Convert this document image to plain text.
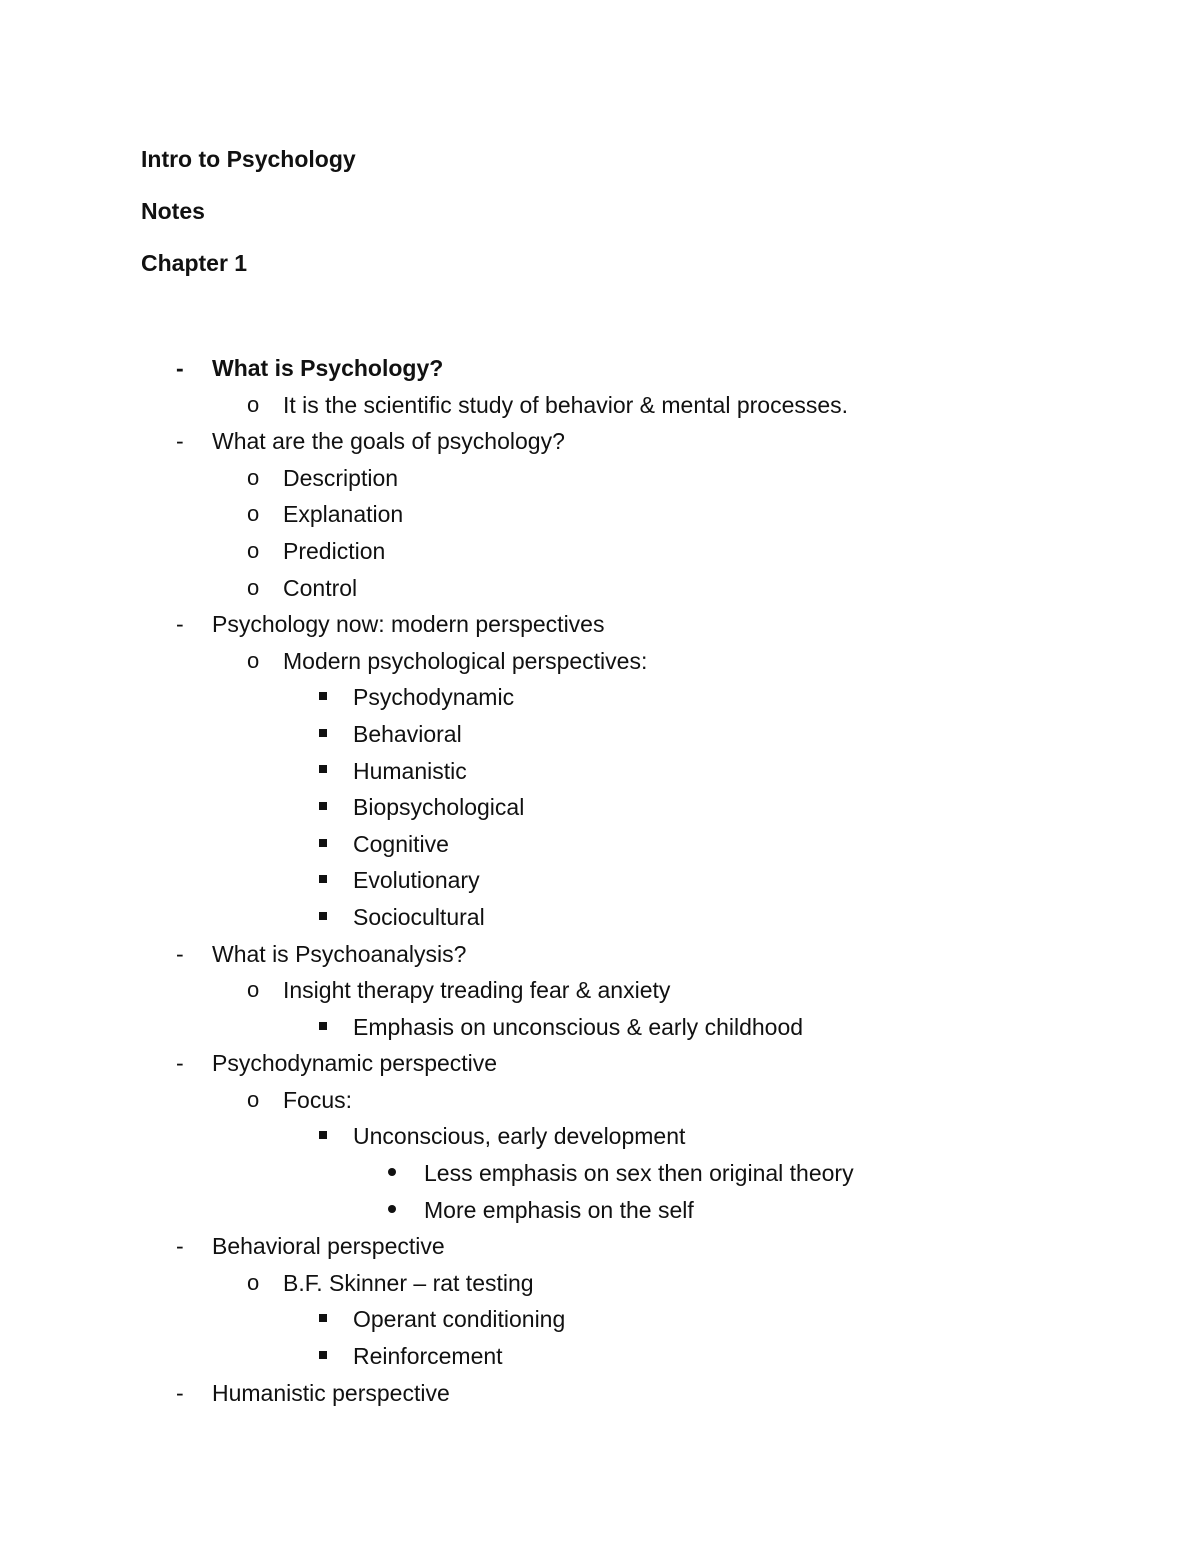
Intro to Psychology
Notes
Chapter 1
-	What is Psychology?
o	It is the scientific study of behavior & mental processes.
-	What are the goals of psychology?
o	Description
o	Explanation
o	Prediction
o	Control
-	Psychology now: modern perspectives
o	Modern psychological perspectives:
Psychodynamic
Behavioral
Humanistic
Biopsychological
Cognitive
Evolutionary
Sociocultural
-	What is Psychoanalysis?
o	Insight therapy treading fear & anxiety
Emphasis on unconscious & early childhood
-	Psychodynamic perspective
o	Focus:
Unconscious, early development
Less emphasis on sex then original theory
More emphasis on the self
-	Behavioral perspective
o	B.F. Skinner – rat testing
Operant conditioning
Reinforcement
-	Humanistic perspective
